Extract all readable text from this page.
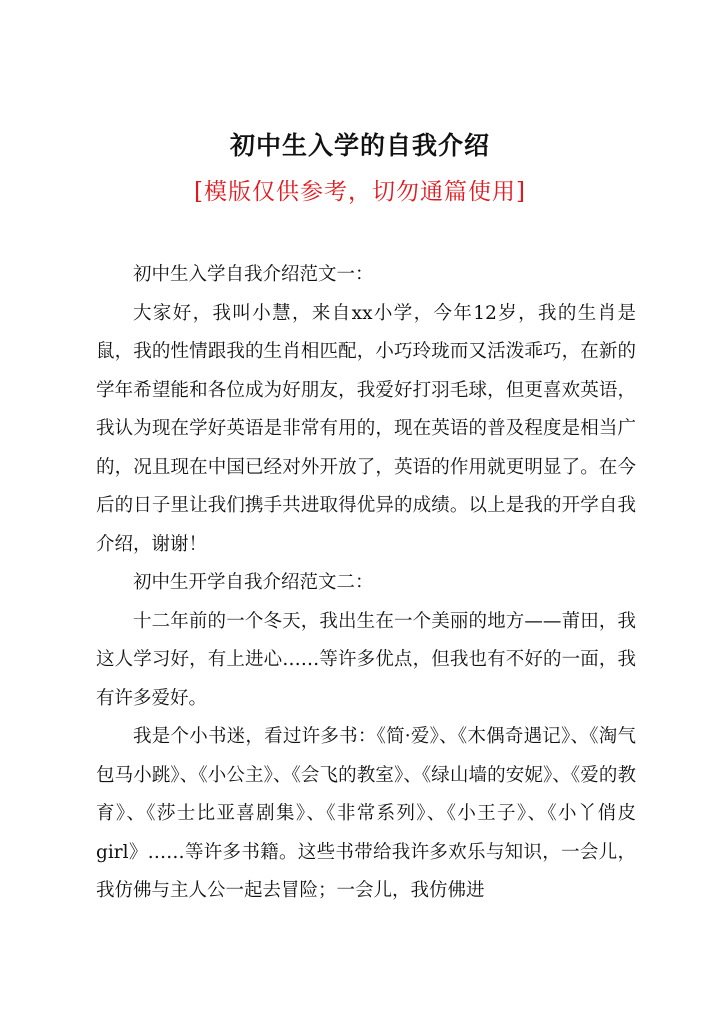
初中生入学的自我介绍
[模版仅供参考，切勿通篇使用]

初中生入学自我介绍范文一：

大家好，我叫小慧，来自xx小学，今年12岁，我的生肖是鼠，我的性情跟我的生肖相匹配，小巧玲珑而又活泼乖巧，在新的学年希望能和各位成为好朋友，我爱好打羽毛球，但更喜欢英语，我认为现在学好英语是非常有用的，现在英语的普及程度是相当广的，况且现在中国已经对外开放了，英语的作用就更明显了。在今后的日子里让我们携手共进取得优异的成绩。以上是我的开学自我介绍，谢谢！

初中生开学自我介绍范文二：

十二年前的一个冬天，我出生在一个美丽的地方——莆田，我这人学习好，有上进心……等许多优点，但我也有不好的一面，我有许多爱好。

我是个小书迷，看过许多书：《简·爱》、《木偶奇遇记》、《淘气包马小跳》、《小公主》、《会飞的教室》、《绿山墙的安妮》、《爱的教育》、《莎士比亚喜剧集》、《非常系列》、《小王子》、《小丫俏皮girl》……等许多书籍。这些书带给我许多欢乐与知识，一会儿，我仿佛与主人公一起去冒险；一会儿，我仿佛进
